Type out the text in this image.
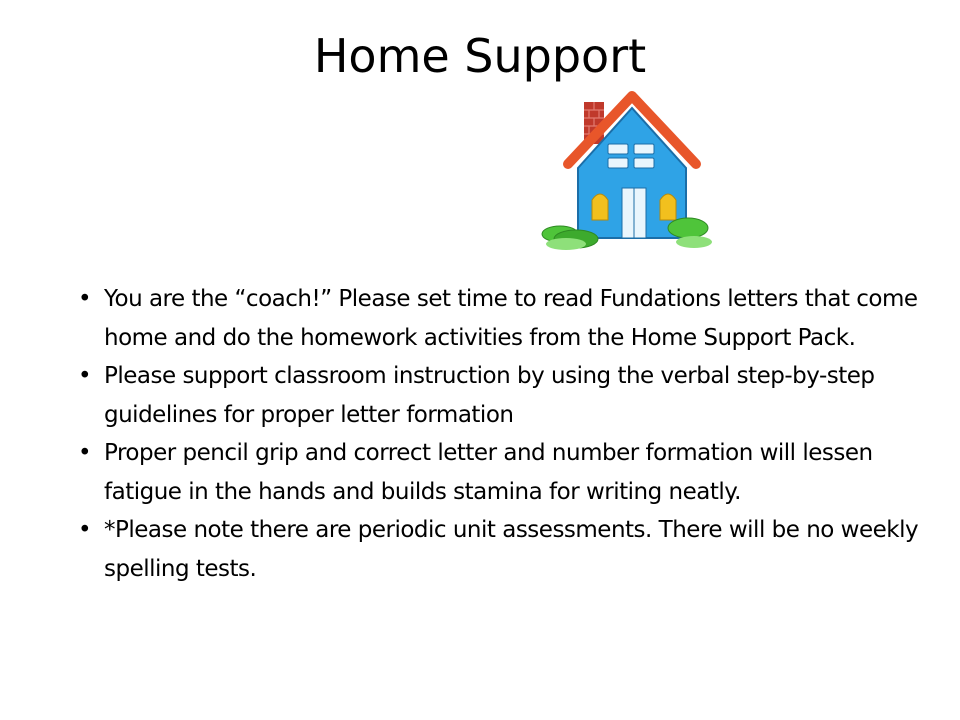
Home Support
• You are the “coach!” Please set time to read Fundations letters that come home and do the homework activities from the Home Support Pack.
• Please support classroom instruction by using the verbal step-by-step guidelines for proper letter formation
• Proper pencil grip and correct letter and number formation will lessen fatigue in the hands and builds stamina for writing neatly.
• *Please note there are periodic unit assessments. There will be no weekly spelling tests.
